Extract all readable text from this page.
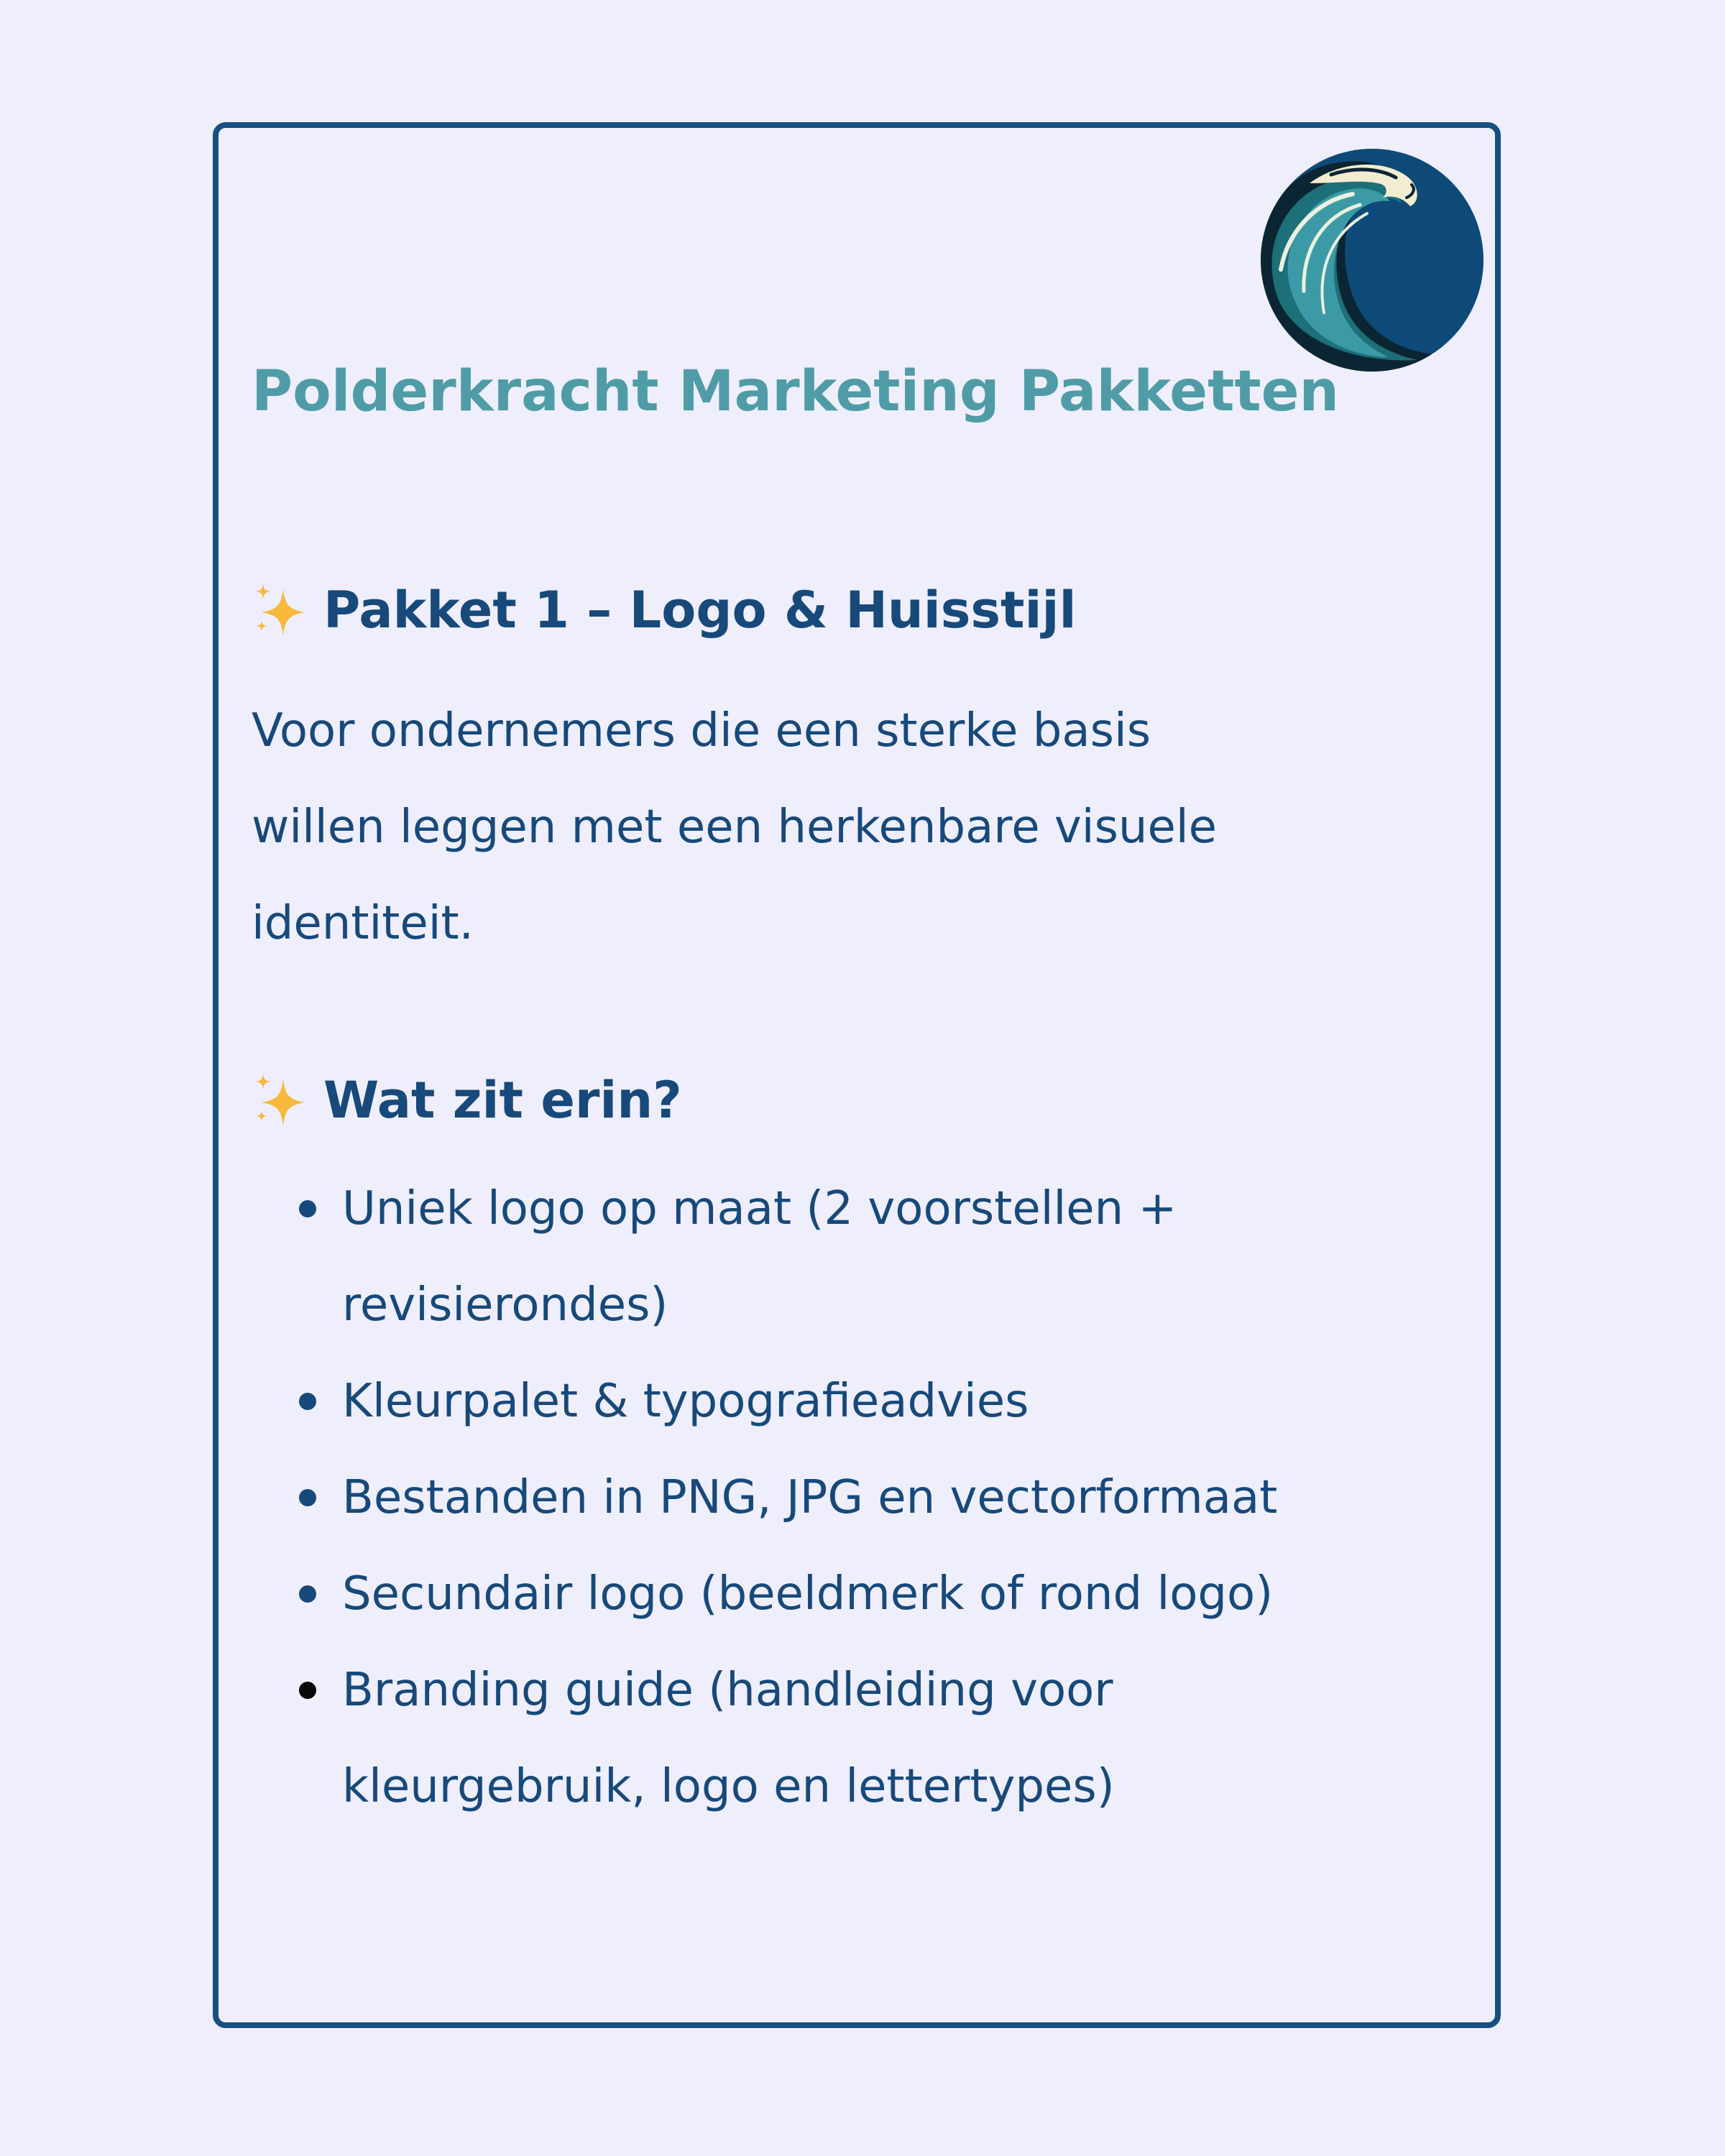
Polderkracht Marketing Pakketten
Pakket 1 – Logo & Huisstijl

Voor ondernemers die een sterke basis
willen leggen met een herkenbare visuele
identiteit.

Wat zit erin?
Uniek logo op maat (2 voorstellen +
revisierondes)
Kleurpalet & typografieadvies
Bestanden in PNG, JPG en vectorformaat
Secundair logo (beeldmerk of rond logo)
Branding guide (handleiding voor
kleurgebruik, logo en lettertypes)
